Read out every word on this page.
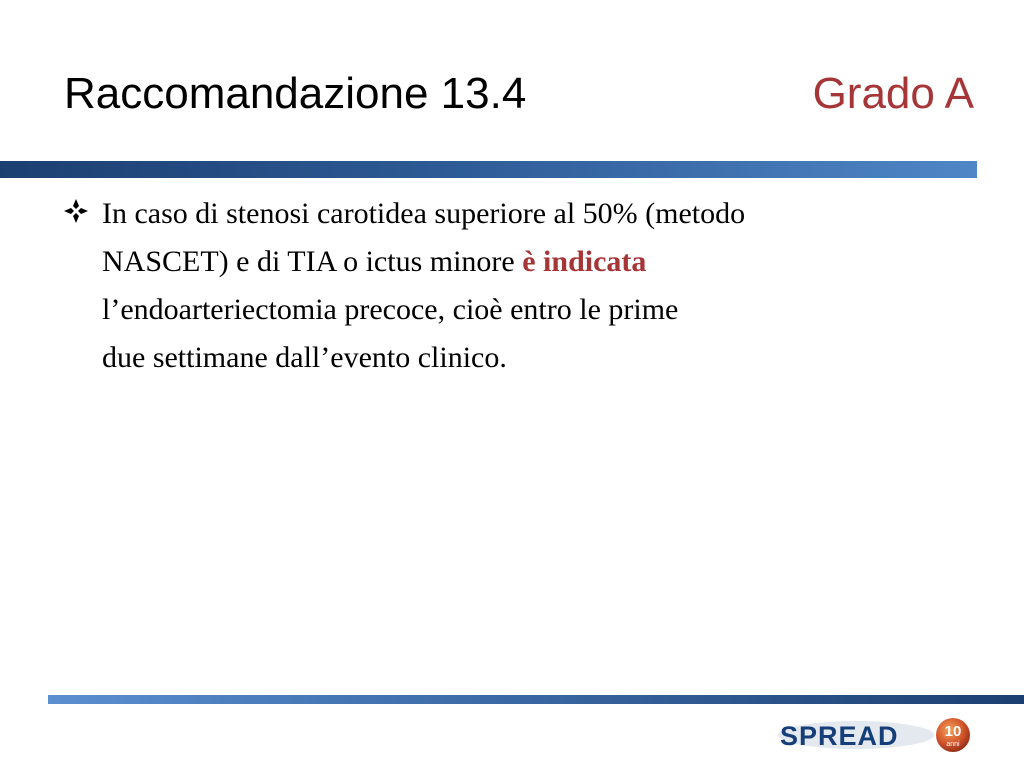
Raccomandazione 13.4	Grado A

In caso di stenosi carotidea superiore al 50% (metodo

NASCET) e di TIA o ictus minore è indicata

l’endoarteriectomia precoce, cioè entro le prime

due settimane dall’evento clinico.

SPREAD	10
anni
